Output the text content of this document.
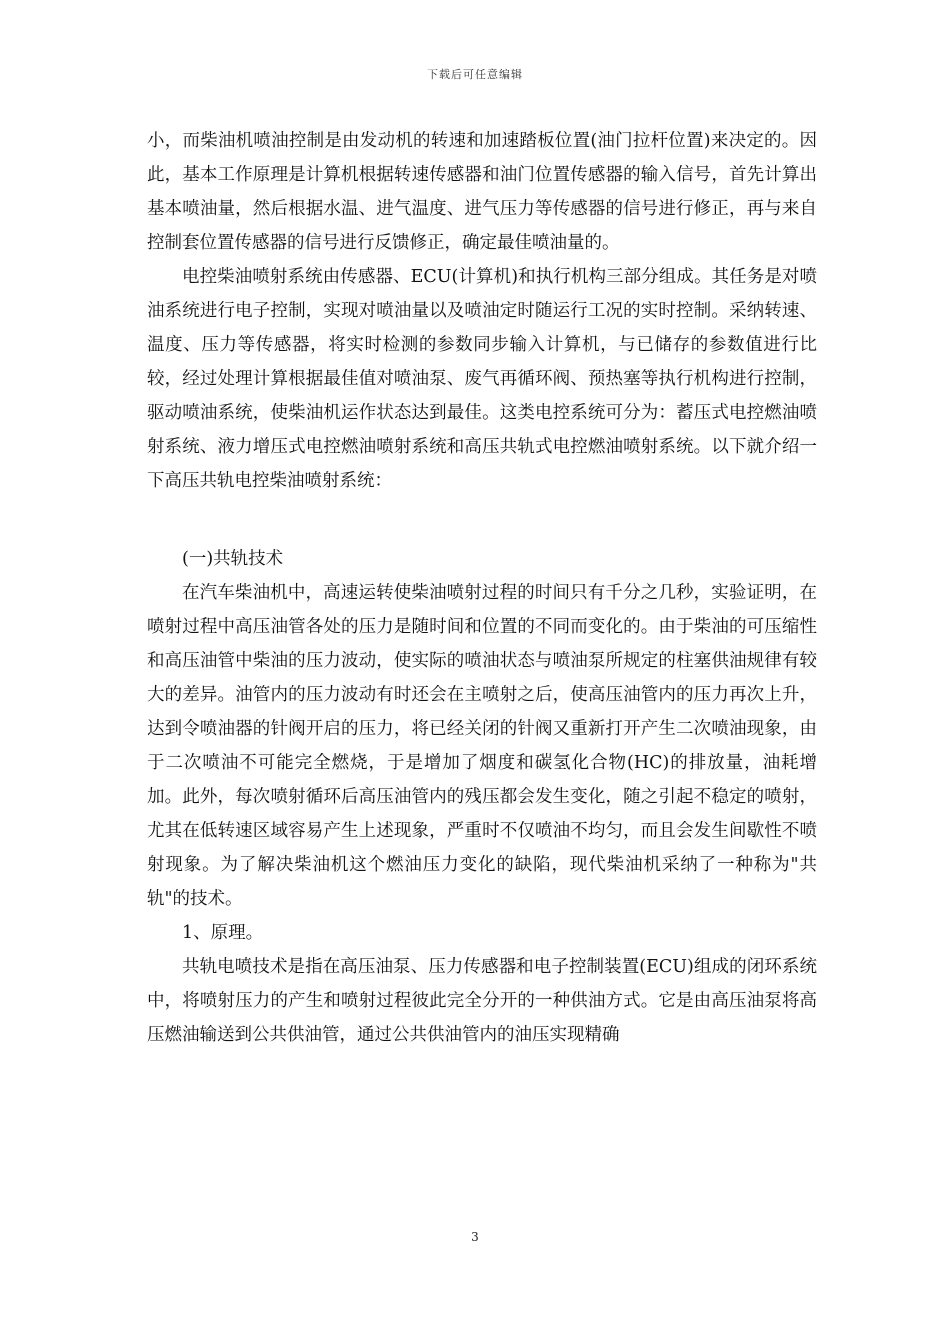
下载后可任意编辑

小，而柴油机喷油控制是由发动机的转速和加速踏板位置(油门拉杆位置)来决定的。因此，基本工作原理是计算机根据转速传感器和油门位置传感器的输入信号，首先计算出基本喷油量，然后根据水温、进气温度、进气压力等传感器的信号进行修正，再与来自控制套位置传感器的信号进行反馈修正，确定最佳喷油量的。

电控柴油喷射系统由传感器、ECU(计算机)和执行机构三部分组成。其任务是对喷油系统进行电子控制，实现对喷油量以及喷油定时随运行工况的实时控制。采纳转速、温度、压力等传感器，将实时检测的参数同步输入计算机，与已储存的参数值进行比较，经过处理计算根据最佳值对喷油泵、废气再循环阀、预热塞等执行机构进行控制，驱动喷油系统，使柴油机运作状态达到最佳。这类电控系统可分为：蓄压式电控燃油喷射系统、液力增压式电控燃油喷射系统和高压共轨式电控燃油喷射系统。以下就介绍一下高压共轨电控柴油喷射系统：

(一)共轨技术

在汽车柴油机中，高速运转使柴油喷射过程的时间只有千分之几秒，实验证明，在喷射过程中高压油管各处的压力是随时间和位置的不同而变化的。由于柴油的可压缩性和高压油管中柴油的压力波动，使实际的喷油状态与喷油泵所规定的柱塞供油规律有较大的差异。油管内的压力波动有时还会在主喷射之后，使高压油管内的压力再次上升，达到令喷油器的针阀开启的压力，将已经关闭的针阀又重新打开产生二次喷油现象，由于二次喷油不可能完全燃烧，于是增加了烟度和碳氢化合物(HC)的排放量，油耗增加。此外，每次喷射循环后高压油管内的残压都会发生变化，随之引起不稳定的喷射，尤其在低转速区域容易产生上述现象，严重时不仅喷油不均匀，而且会发生间歇性不喷射现象。为了解决柴油机这个燃油压力变化的缺陷，现代柴油机采纳了一种称为"共轨"的技术。

1、原理。

共轨电喷技术是指在高压油泵、压力传感器和电子控制装置(ECU)组成的闭环系统中，将喷射压力的产生和喷射过程彼此完全分开的一种供油方式。它是由高压油泵将高压燃油输送到公共供油管，通过公共供油管内的油压实现精确

3
